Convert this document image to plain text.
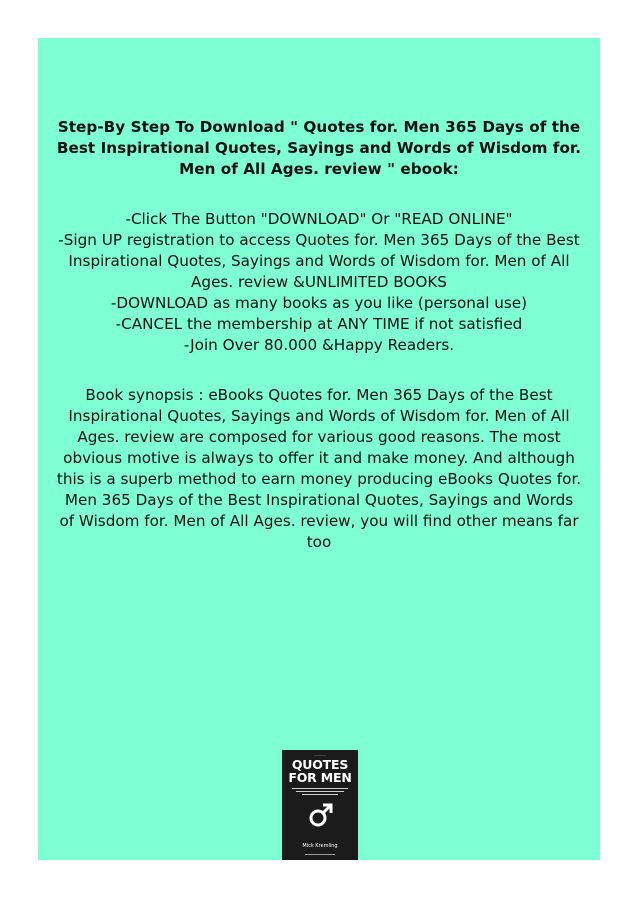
Step-By Step To Download " Quotes for. Men 365 Days of the
Best Inspirational Quotes, Sayings and Words of Wisdom for.
Men of All Ages. review " ebook:
-Click The Button "DOWNLOAD" Or "READ ONLINE"
-Sign UP registration to access Quotes for. Men 365 Days of the Best
Inspirational Quotes, Sayings and Words of Wisdom for. Men of All
Ages. review &UNLIMITED BOOKS
-DOWNLOAD as many books as you like (personal use)
-CANCEL the membership at ANY TIME if not satisfied
-Join Over 80.000 &Happy Readers.
Book synopsis : eBooks Quotes for. Men 365 Days of the Best
Inspirational Quotes, Sayings and Words of Wisdom for. Men of All
Ages. review are composed for various good reasons. The most
obvious motive is always to offer it and make money. And although
this is a superb method to earn money producing eBooks Quotes for.
Men 365 Days of the Best Inspirational Quotes, Sayings and Words
of Wisdom for. Men of All Ages. review, you will find other means far
too
————
QUOTES
FOR MEN
Mick Kremling
